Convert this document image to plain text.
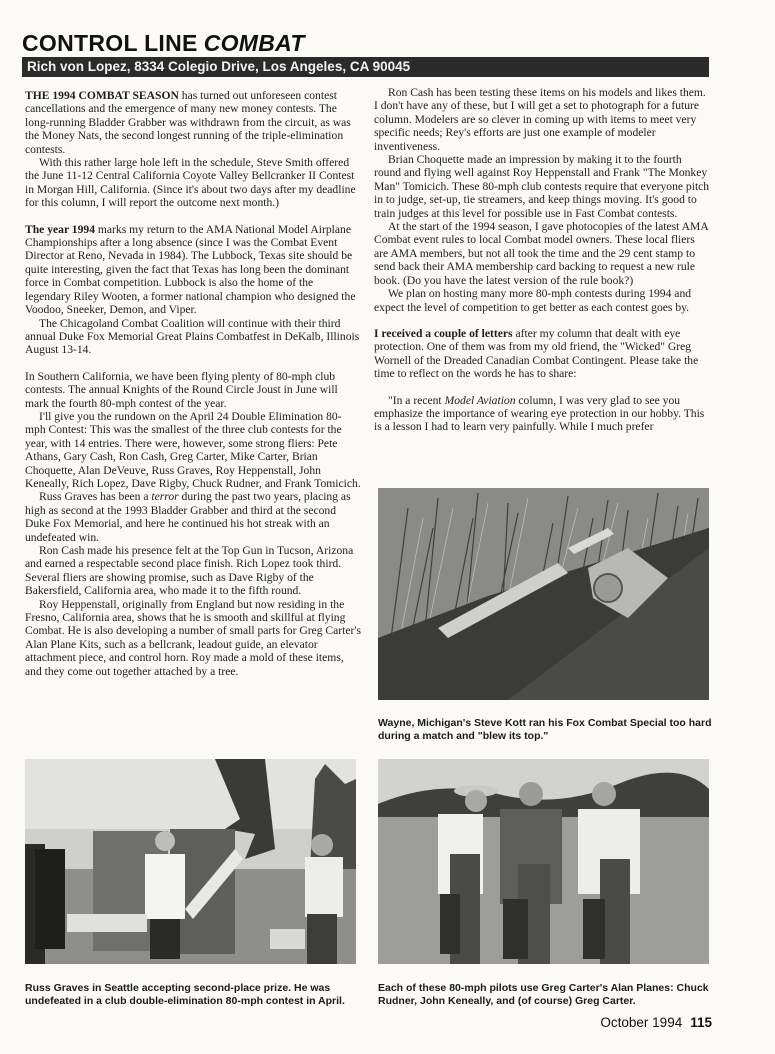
CONTROL LINE COMBAT
Rich von Lopez, 8334 Colegio Drive, Los Angeles, CA 90045

THE 1994 COMBAT SEASON has turned out unforeseen contest cancellations and the emergence of many new money contests. The long-running Bladder Grabber was withdrawn from the circuit, as was the Money Nats, the second longest running of the triple-elimination contests.

With this rather large hole left in the schedule, Steve Smith offered the June 11-12 Central California Coyote Valley Bellcranker II Contest in Morgan Hill, California. (Since it's about two days after my deadline for this column, I will report the outcome next month.)

The year 1994 marks my return to the AMA National Model Airplane Championships after a long absence (since I was the Combat Event Director at Reno, Nevada in 1984). The Lubbock, Texas site should be quite interesting, given the fact that Texas has long been the dominant force in Combat competition. Lubbock is also the home of the legendary Riley Wooten, a former national champion who designed the Voodoo, Sneeker, Demon, and Viper.

The Chicagoland Combat Coalition will continue with their third annual Duke Fox Memorial Great Plains Combatfest in DeKalb, Illinois August 13-14.

In Southern California, we have been flying plenty of 80-mph club contests. The annual Knights of the Round Circle Joust in June will mark the fourth 80-mph contest of the year.

I'll give you the rundown on the April 24 Double Elimination 80-mph Contest: This was the smallest of the three club contests for the year, with 14 entries. There were, however, some strong fliers: Pete Athans, Gary Cash, Ron Cash, Greg Carter, Mike Carter, Brian Choquette, Alan DeVeuve, Russ Graves, Roy Heppenstall, John Keneally, Rich Lopez, Dave Rigby, Chuck Rudner, and Frank Tomicich.

Russ Graves has been a terror during the past two years, placing as high as second at the 1993 Bladder Grabber and third at the second Duke Fox Memorial, and here he continued his hot streak with an undefeated win.

Ron Cash made his presence felt at the Top Gun in Tucson, Arizona and earned a respectable second place finish. Rich Lopez took third. Several fliers are showing promise, such as Dave Rigby of the Bakersfield, California area, who made it to the fifth round.

Roy Heppenstall, originally from England but now residing in the Fresno, California area, shows that he is smooth and skillful at flying Combat. He is also developing a number of small parts for Greg Carter's Alan Plane Kits, such as a bellcrank, leadout guide, an elevator attachment piece, and control horn. Roy made a mold of these items, and they come out together attached by a tree.

Ron Cash has been testing these items on his models and likes them. I don't have any of these, but I will get a set to photograph for a future column. Modelers are so clever in coming up with items to meet very specific needs; Rey's efforts are just one example of modeler inventiveness.

Brian Choquette made an impression by making it to the fourth round and flying well against Roy Heppenstall and Frank "The Monkey Man" Tomicich. These 80-mph club contests require that everyone pitch in to judge, set-up, tie streamers, and keep things moving. It's good to train judges at this level for possible use in Fast Combat contests.

At the start of the 1994 season, I gave photocopies of the latest AMA Combat event rules to local Combat model owners. These local fliers are AMA members, but not all took the time and the 29 cent stamp to send back their AMA membership card backing to request a new rule book. (Do you have the latest version of the rule book?)

We plan on hosting many more 80-mph contests during 1994 and expect the level of competition to get better as each contest goes by.

I received a couple of letters after my column that dealt with eye protection. One of them was from my old friend, the "Wicked" Greg Wornell of the Dreaded Canadian Combat Contingent. Please take the time to reflect on the words he has to share:

"In a recent Model Aviation column, I was very glad to see you emphasize the importance of wearing eye protection in our hobby. This is a lesson I had to learn very painfully. While I much prefer

Wayne, Michigan's Steve Kott ran his Fox Combat Special too hard during a match and "blew its top."
Russ Graves in Seattle accepting second-place prize. He was undefeated in a club double-elimination 80-mph contest in April.
Each of these 80-mph pilots use Greg Carter's Alan Planes: Chuck Rudner, John Keneally, and (of course) Greg Carter.
October 1994 115
